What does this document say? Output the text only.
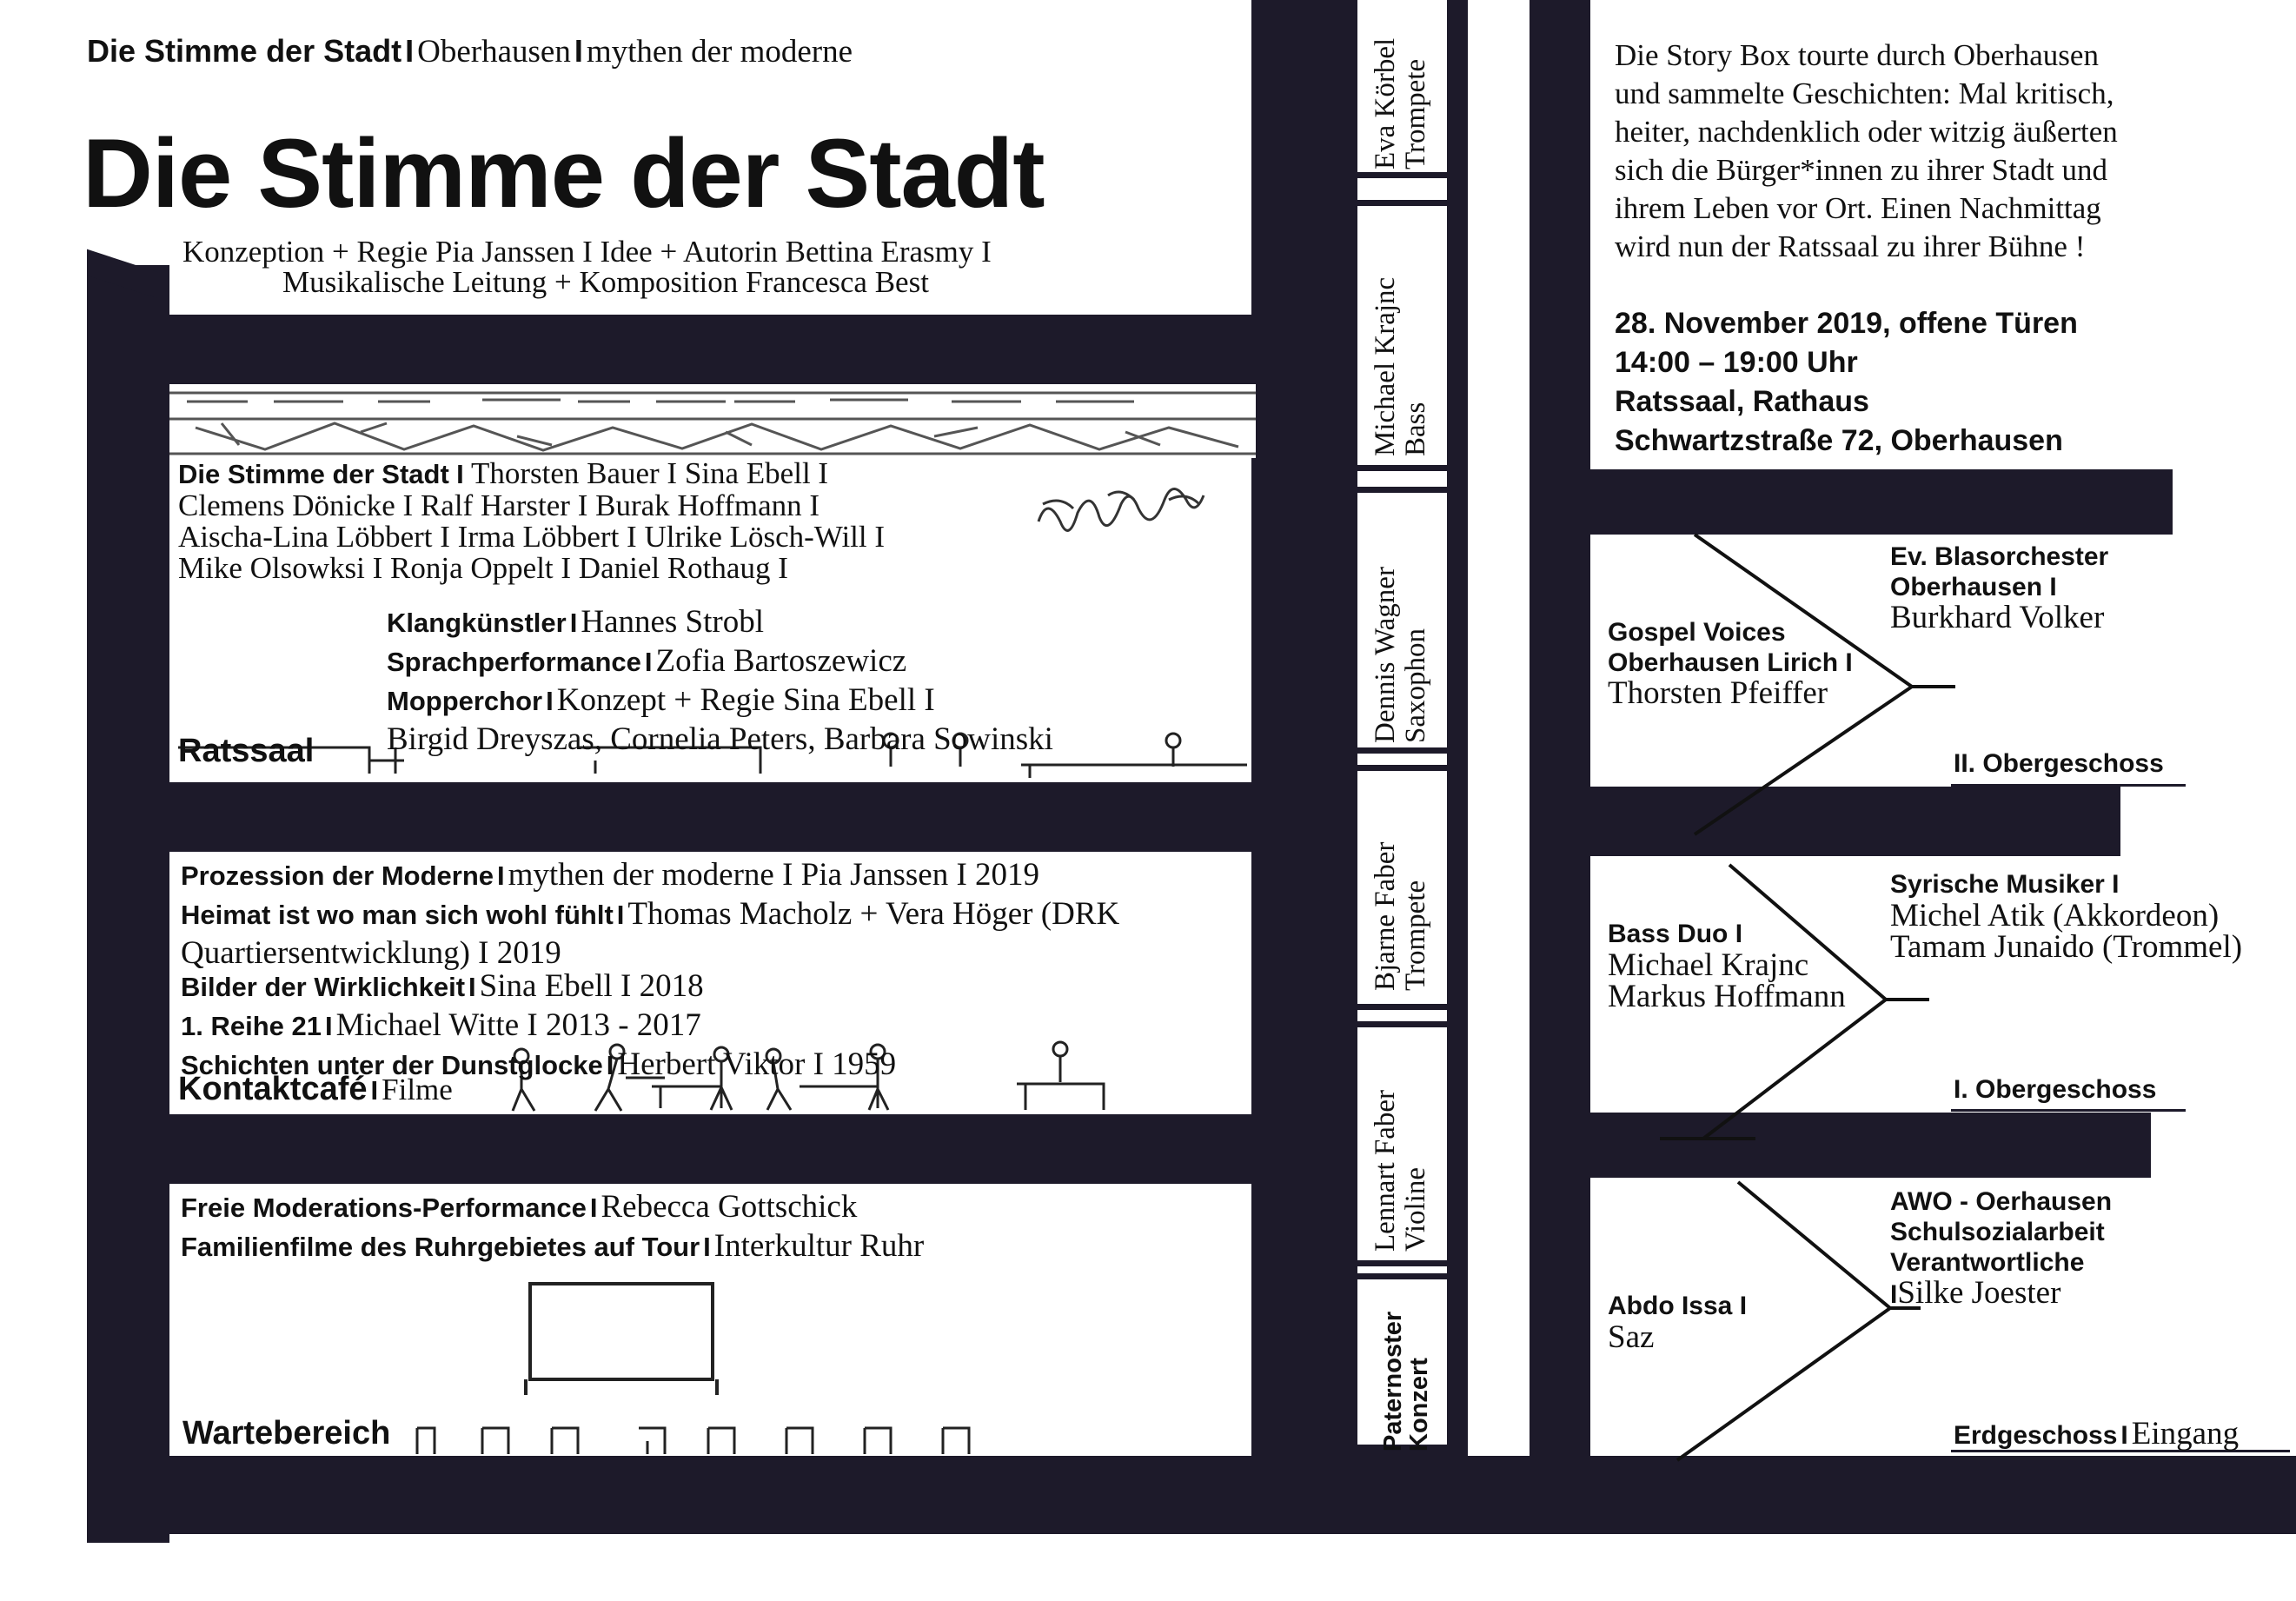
Die Stimme der Stadt I Oberhausen I mythen der moderne
Die Stimme der Stadt
Konzeption + Regie Pia Janssen I Idee + Autorin Bettina Erasmy I
Musikalische Leitung + Komposition Francesca Best
Die Stimme der Stadt I Thorsten Bauer I Sina Ebell I
Clemens Dönicke I Ralf Harster I Burak Hoffmann I
Aischa-Lina Löbbert I Irma Löbbert I Ulrike Lösch-Will I
Mike Olsowksi I Ronja Oppelt I Daniel Rothaug I
Klangkünstler I Hannes Strobl
Sprachperformance I Zofia Bartoszewicz
Mopperchor I Konzept + Regie Sina Ebell I
Birgid Dreyszas, Cornelia Peters, Barbara Sowinski
Ratssaal
Prozession der Moderne I mythen der moderne I Pia Janssen I 2019
Heimat ist wo man sich wohl fühlt I Thomas Macholz + Vera Höger (DRK
Quartiersentwicklung) I 2019
Bilder der Wirklichkeit I Sina Ebell I 2018
1. Reihe 21 I Michael Witte I 2013 - 2017
Schichten unter der Dunstglocke I Herbert Viktor I 1959
Kontaktcafé I Filme
Freie Moderations-Performance I Rebecca Gottschick
Familienfilme des Ruhrgebietes auf Tour I Interkultur Ruhr
Wartebereich
Eva Körbel
Trompete
Michael Krajnc
Bass
Dennis Wagner
Saxophon
Bjarne Faber
Trompete
Lennart Faber
Violine
Paternoster
Konzert
Die Story Box tourte durch Oberhausen
und sammelte Geschichten: Mal kritisch,
heiter, nachdenklich oder witzig äußerten
sich die Bürger*innen zu ihrer Stadt und
ihrem Leben vor Ort. Einen Nachmittag
wird nun der Ratssaal zu ihrer Bühne !
28. November 2019, offene Türen
14:00 – 19:00 Uhr
Ratssaal, Rathaus
Schwartzstraße 72, Oberhausen
Ev. Blasorchester
Oberhausen I
Burkhard Volker
Gospel Voices
Oberhausen Lirich I
Thorsten Pfeiffer
II. Obergeschoss
Syrische Musiker I
Michel Atik (Akkordeon)
Tamam Junaido (Trommel)
Bass Duo I
Michael Krajnc
Markus Hoffmann
I. Obergeschoss
AWO - Oerhausen
Schulsozialarbeit
Verantwortliche
ISilke Joester
Abdo Issa I
Saz
Erdgeschoss I Eingang
